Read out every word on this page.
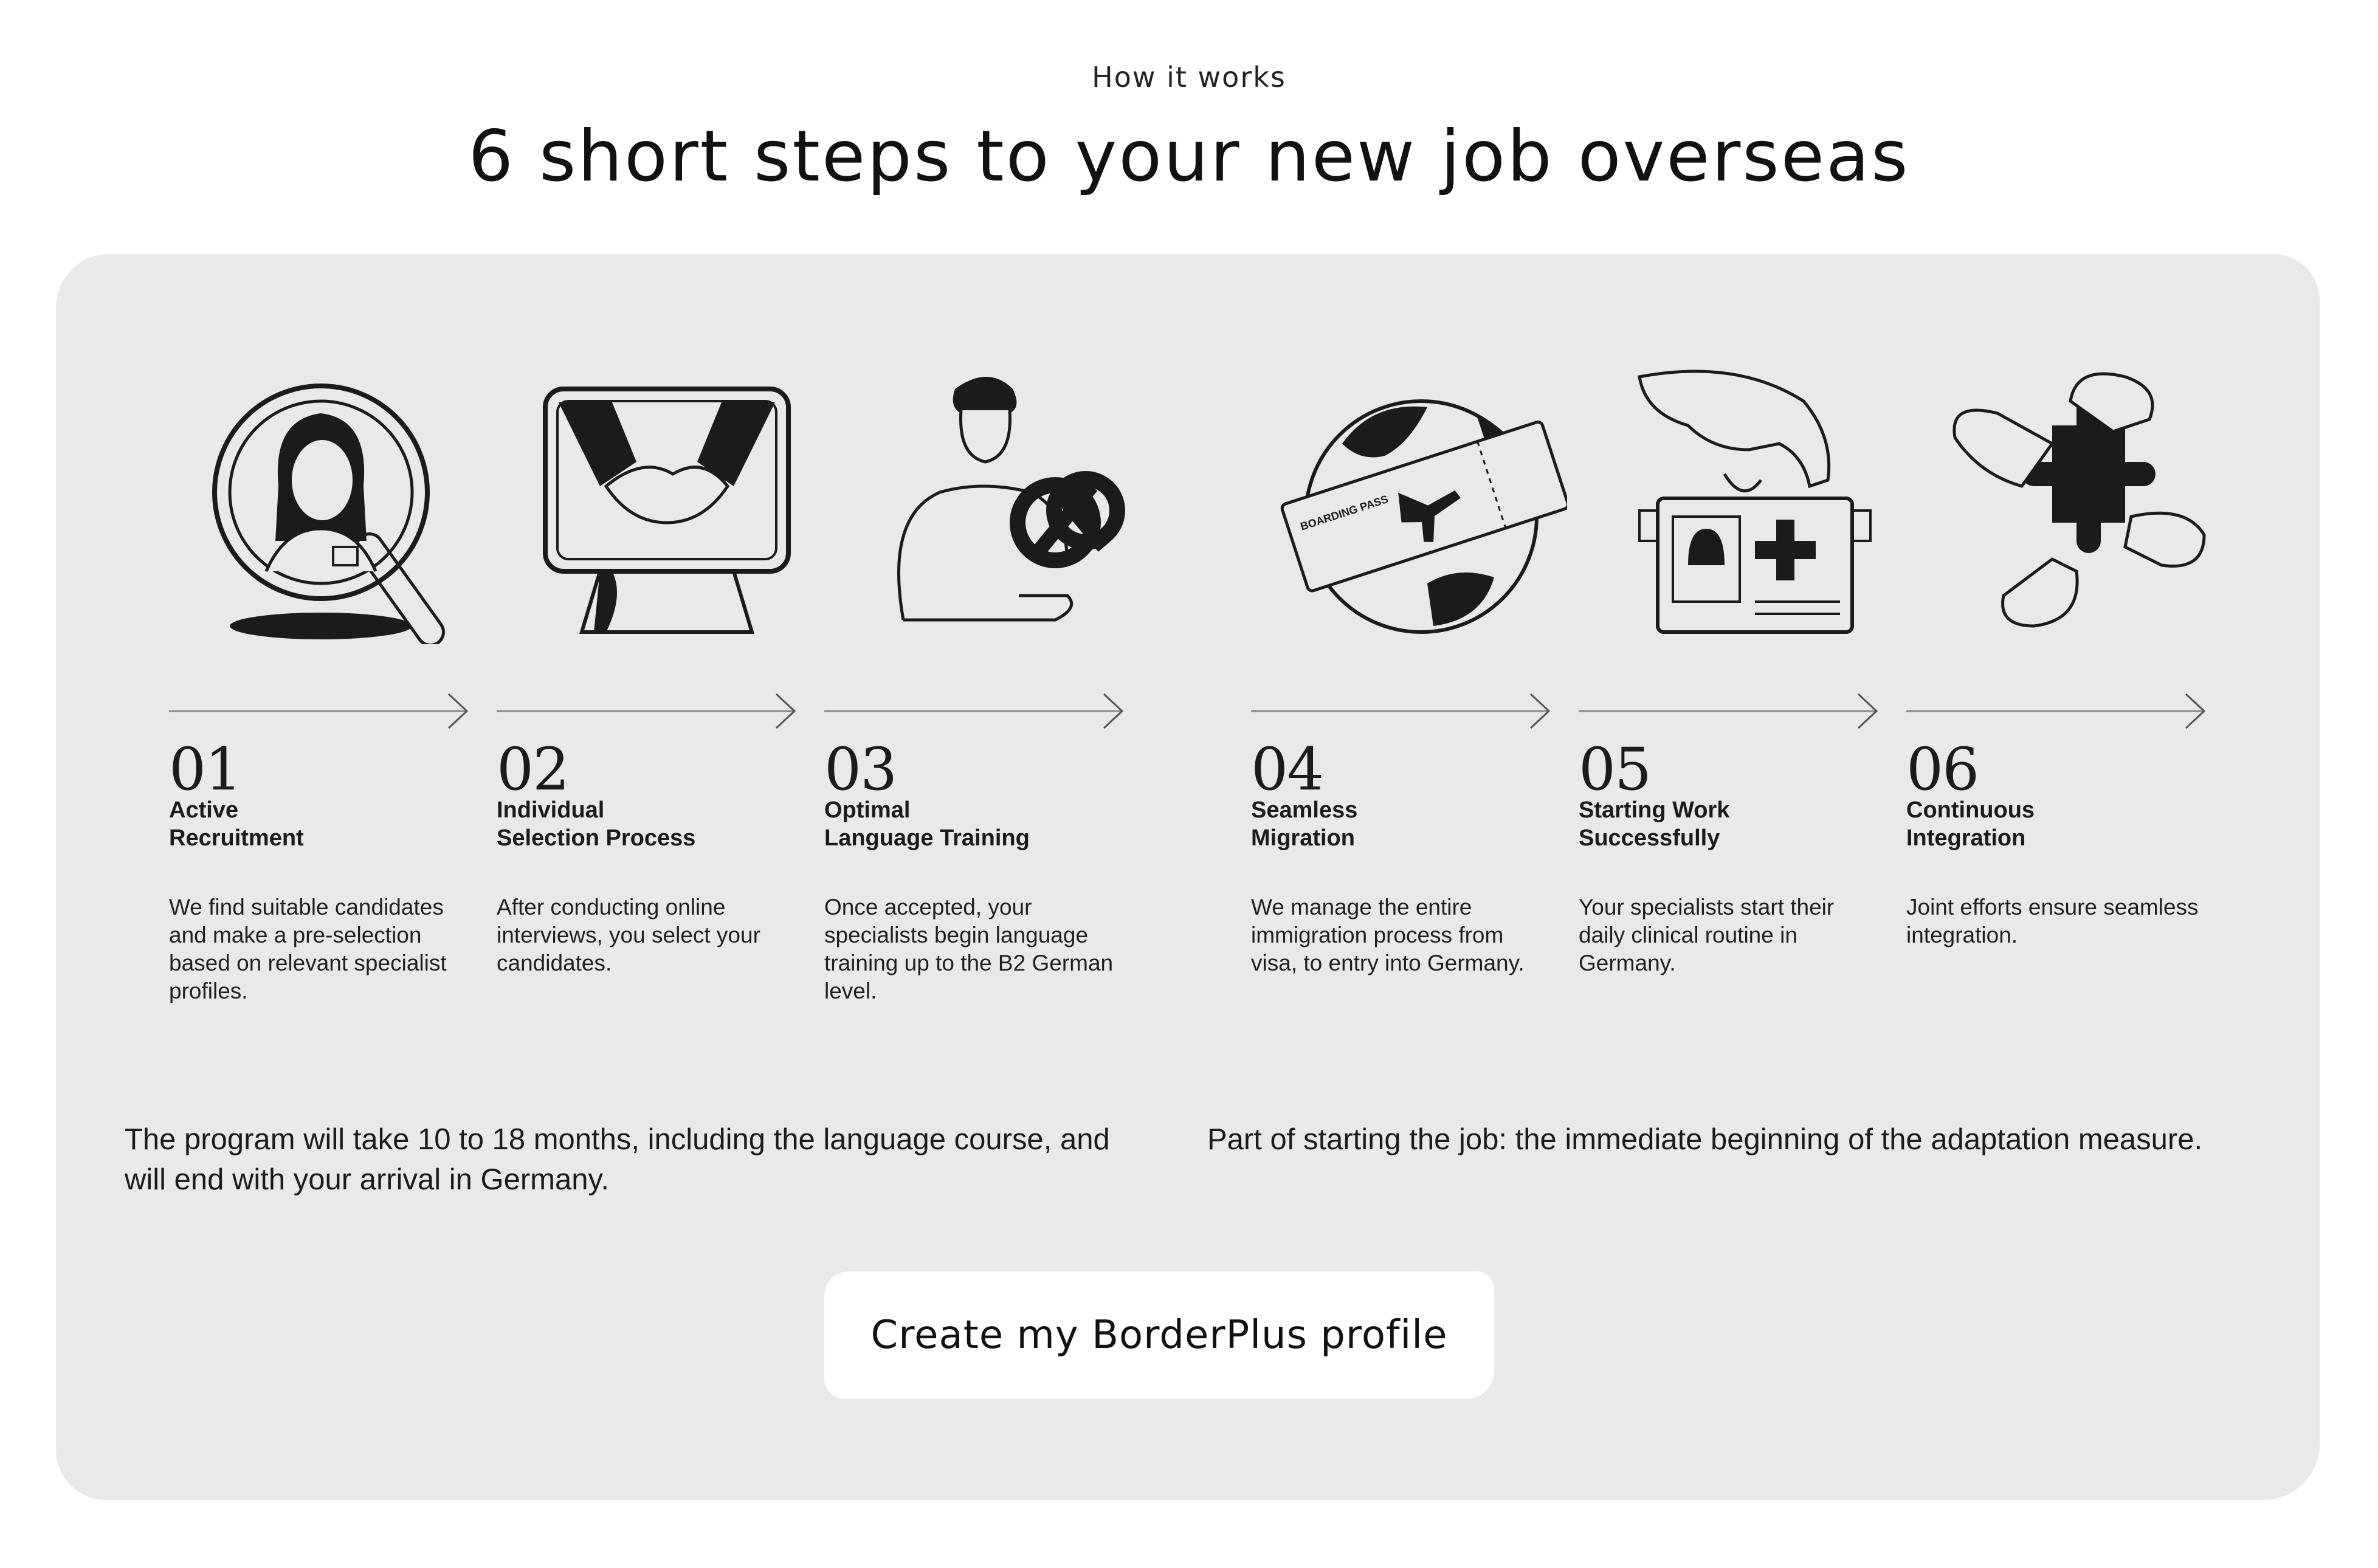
How it works
6 short steps to your new job overseas
01
Active
Recruitment
We find suitable candidates and make a pre-selection based on relevant specialist profiles.
02
Individual
Selection Process
After conducting online interviews, you select your candidates.
03
Optimal
Language Training
Once accepted, your specialists begin language training up to the B2 German level.
BOARDING PASS
04
Seamless
Migration
We manage the entire immigration process from visa, to entry into Germany.
05
Starting Work
Successfully
Your specialists start their daily clinical routine in Germany.
06
Continuous
Integration
Joint efforts ensure seamless integration.
The program will take 10 to 18 months, including the language course, and will end with your arrival in Germany.
Part of starting the job: the immediate beginning of the adaptation measure.
Create my BorderPlus profile
